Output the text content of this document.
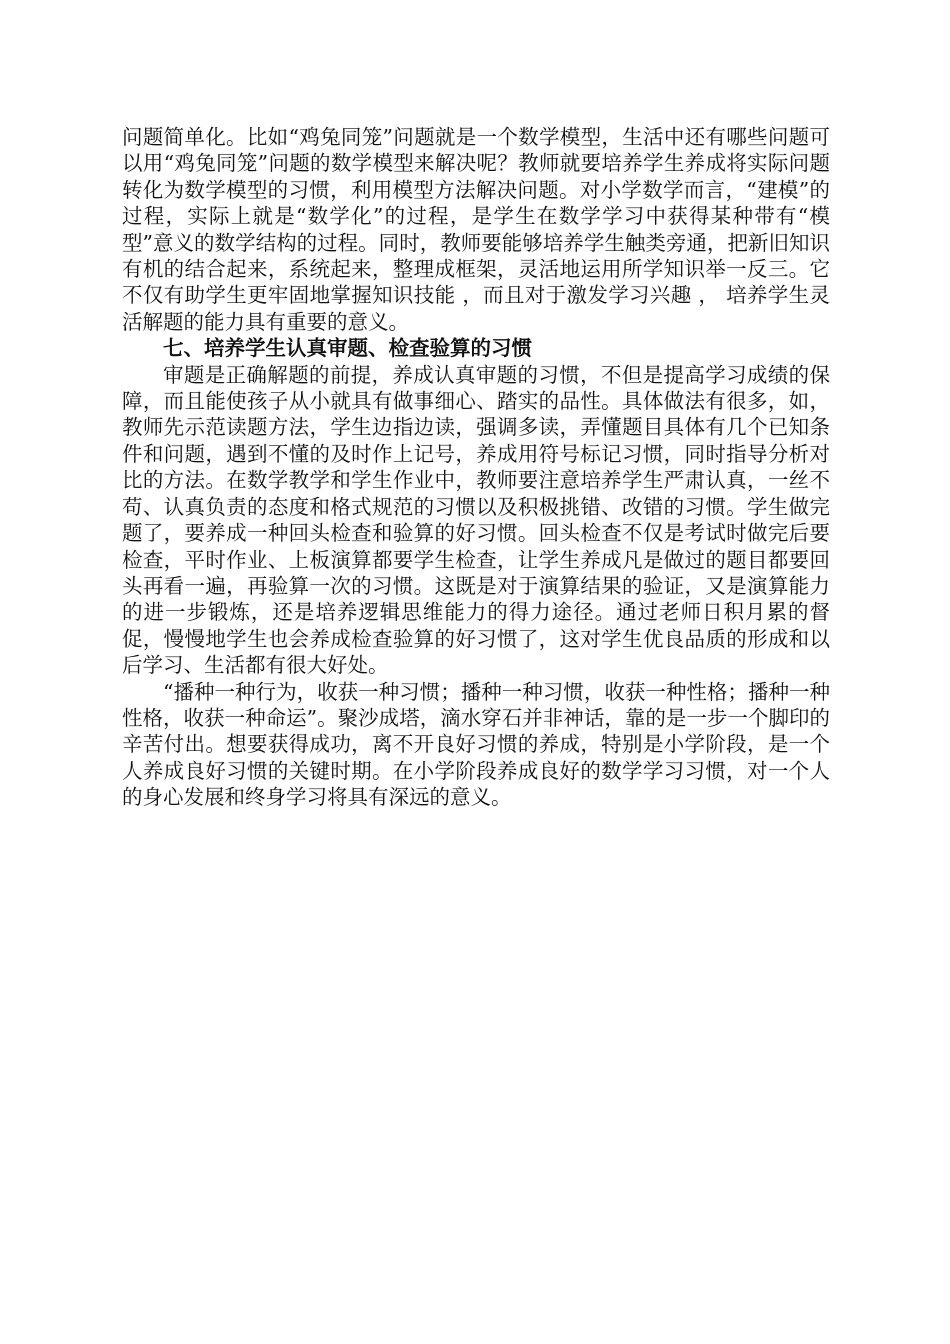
问题简单化。比如“鸡兔同笼”问题就是一个数学模型，生活中还有哪些问题可以用“鸡兔同笼”问题的数学模型来解决呢？教师就要培养学生养成将实际问题转化为数学模型的习惯，利用模型方法解决问题。对小学数学而言，“建模”的过程，实际上就是“数学化”的过程，是学生在数学学习中获得某种带有“模型”意义的数学结构的过程。同时，教师要能够培养学生触类旁通，把新旧知识有机的结合起来，系统起来，整理成框架，灵活地运用所学知识举一反三。它不仅有助学生更牢固地掌握知识技能 ，而且对于激发学习兴趣 ， 培养学生灵活解题的能力具有重要的意义。

七、培养学生认真审题、检查验算的习惯

审题是正确解题的前提，养成认真审题的习惯，不但是提高学习成绩的保障，而且能使孩子从小就具有做事细心、踏实的品性。具体做法有很多，如，教师先示范读题方法，学生边指边读，强调多读，弄懂题目具体有几个已知条件和问题，遇到不懂的及时作上记号，养成用符号标记习惯，同时指导分析对比的方法。在数学教学和学生作业中，教师要注意培养学生严肃认真，一丝不苟、认真负责的态度和格式规范的习惯以及积极挑错、改错的习惯。学生做完题了，要养成一种回头检查和验算的好习惯。回头检查不仅是考试时做完后要检查，平时作业、上板演算都要学生检查，让学生养成凡是做过的题目都要回头再看一遍，再验算一次的习惯。这既是对于演算结果的验证，又是演算能力的进一步锻炼，还是培养逻辑思维能力的得力途径。通过老师日积月累的督促，慢慢地学生也会养成检查验算的好习惯了，这对学生优良品质的形成和以后学习、生活都有很大好处。

“播种一种行为，收获一种习惯；播种一种习惯，收获一种性格；播种一种性格，收获一种命运”。聚沙成塔，滴水穿石并非神话，靠的是一步一个脚印的辛苦付出。想要获得成功，离不开良好习惯的养成，特别是小学阶段，是一个人养成良好习惯的关键时期。在小学阶段养成良好的数学学习习惯，对一个人的身心发展和终身学习将具有深远的意义。
